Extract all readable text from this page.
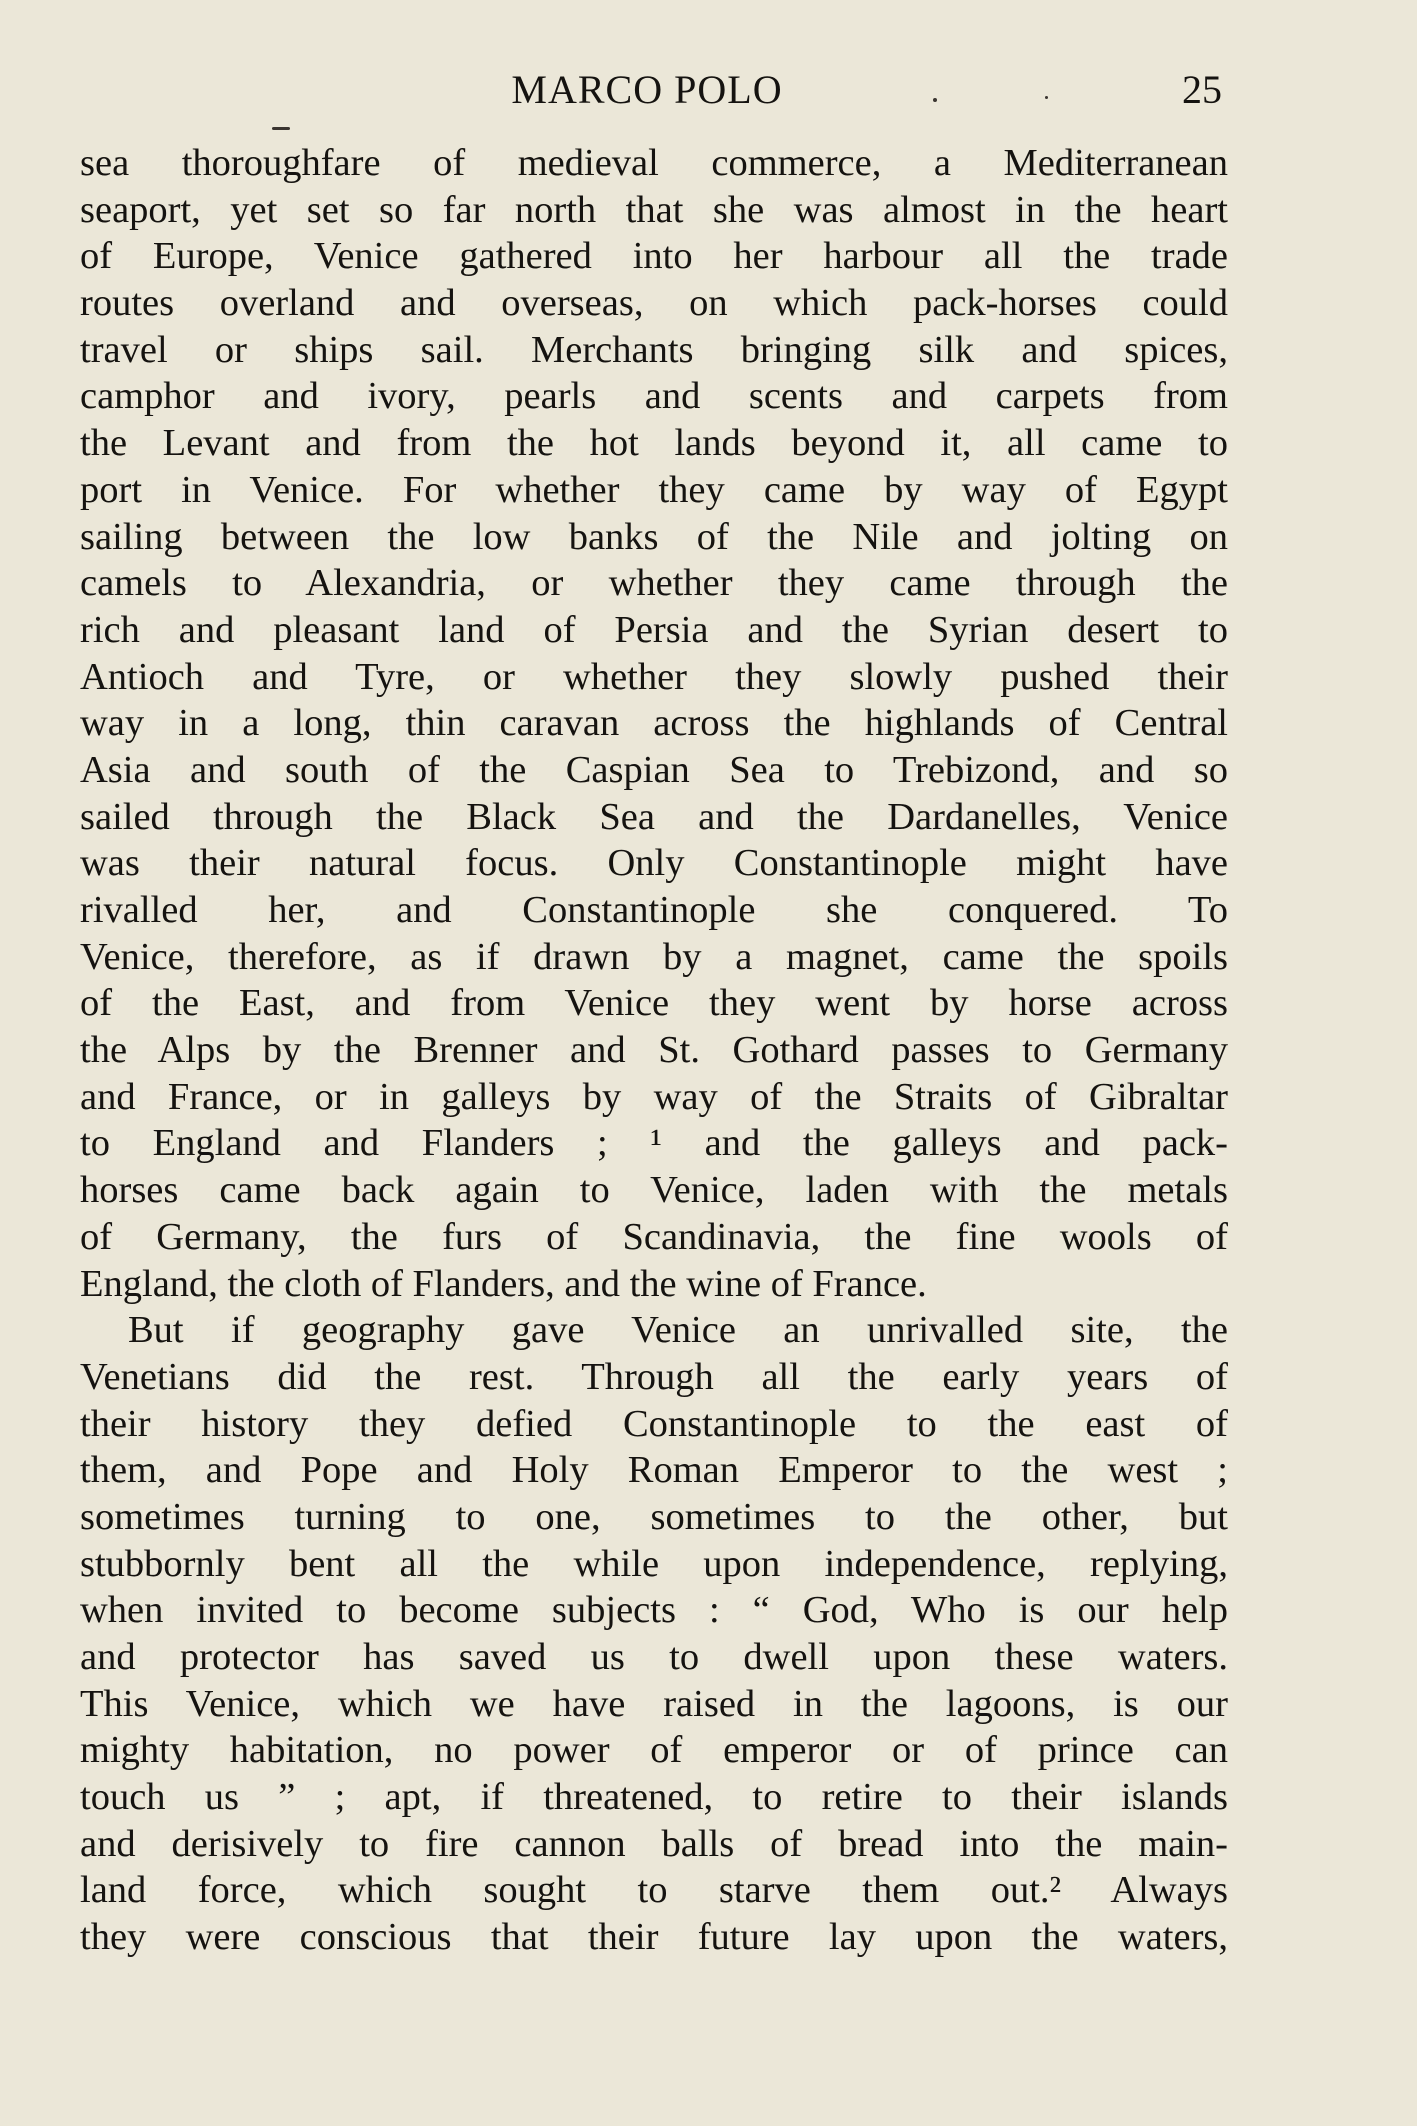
MARCO POLO	25
sea thoroughfare of medieval commerce, a Mediterranean
seaport, yet set so far north that she was almost in the heart
of Europe, Venice gathered into her harbour all the trade
routes overland and overseas, on which pack-horses could
travel or ships sail. Merchants bringing silk and spices,
camphor and ivory, pearls and scents and carpets from
the Levant and from the hot lands beyond it, all came to
port in Venice. For whether they came by way of Egypt
sailing between the low banks of the Nile and jolting on
camels to Alexandria, or whether they came through the
rich and pleasant land of Persia and the Syrian desert to
Antioch and Tyre, or whether they slowly pushed their
way in a long, thin caravan across the highlands of Central
Asia and south of the Caspian Sea to Trebizond, and so
sailed through the Black Sea and the Dardanelles, Venice
was their natural focus. Only Constantinople might have
rivalled her, and Constantinople she conquered. To
Venice, therefore, as if drawn by a magnet, came the spoils
of the East, and from Venice they went by horse across
the Alps by the Brenner and St. Gothard passes to Germany
and France, or in galleys by way of the Straits of Gibraltar
to England and Flanders ; ¹ and the galleys and pack-
horses came back again to Venice, laden with the metals
of Germany, the furs of Scandinavia, the fine wools of
England, the cloth of Flanders, and the wine of France.
But if geography gave Venice an unrivalled site, the
Venetians did the rest. Through all the early years of
their history they defied Constantinople to the east of
them, and Pope and Holy Roman Emperor to the west ;
sometimes turning to one, sometimes to the other, but
stubbornly bent all the while upon independence, replying,
when invited to become subjects : “ God, Who is our help
and protector has saved us to dwell upon these waters.
This Venice, which we have raised in the lagoons, is our
mighty habitation, no power of emperor or of prince can
touch us ” ; apt, if threatened, to retire to their islands
and derisively to fire cannon balls of bread into the main-
land force, which sought to starve them out.² Always
they were conscious that their future lay upon the waters,
